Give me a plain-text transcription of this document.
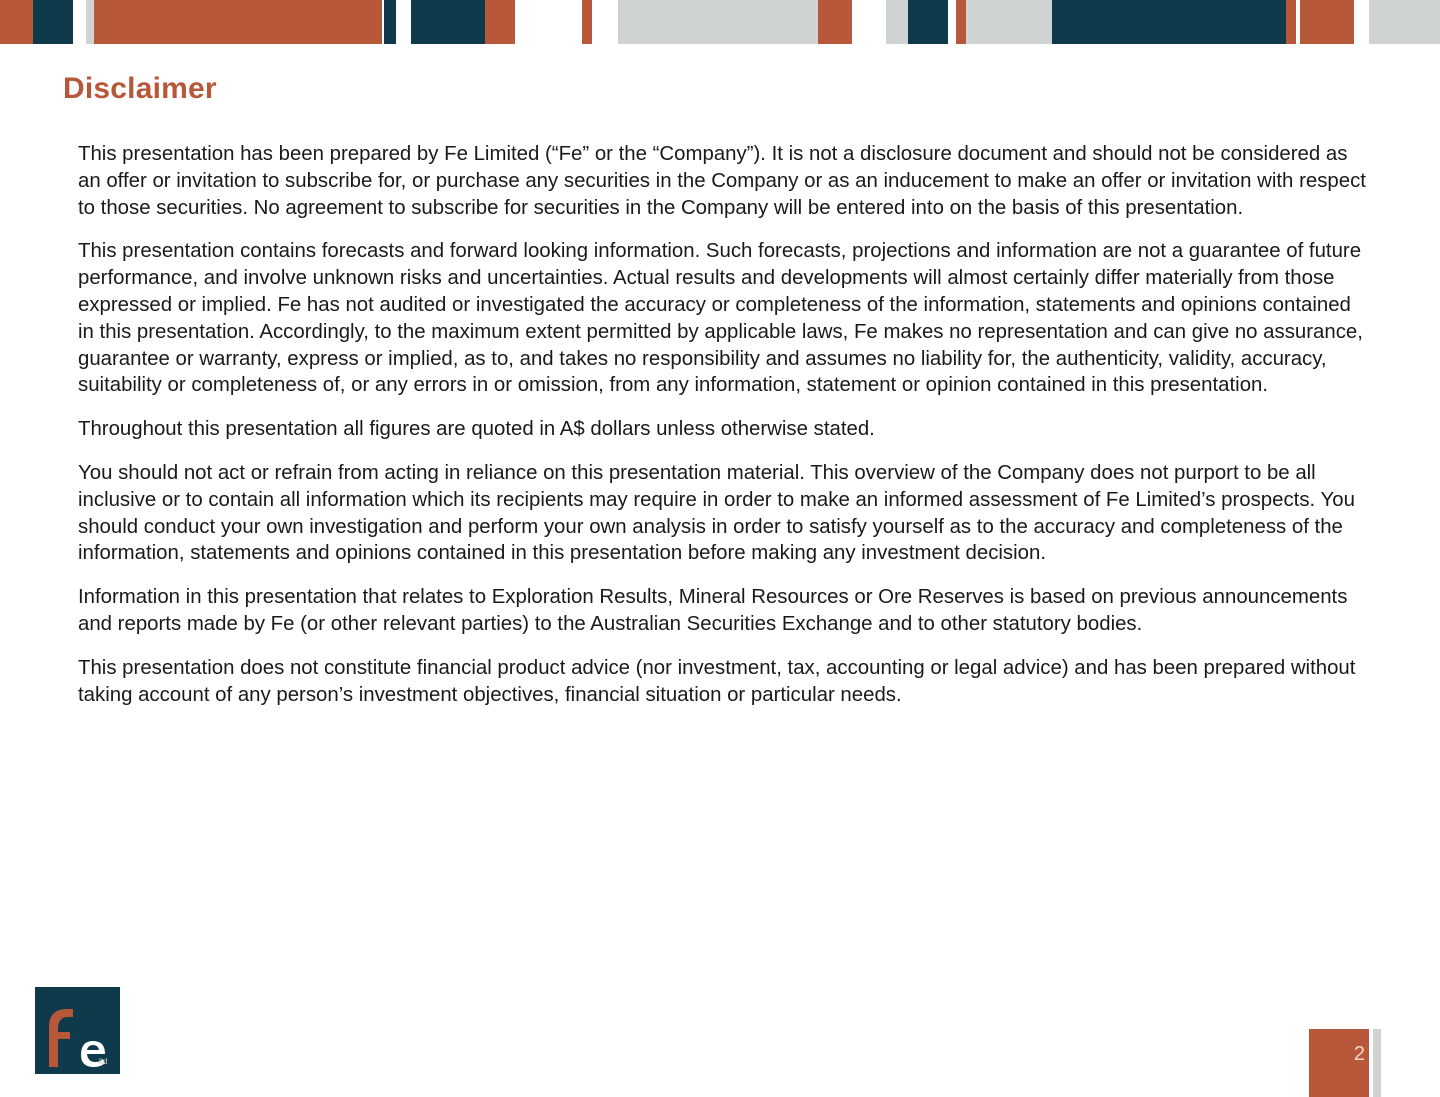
Disclaimer

This presentation has been prepared by Fe Limited (“Fe” or the “Company”). It is not a disclosure document and should not be considered as an offer or invitation to subscribe for, or purchase any securities in the Company or as an inducement to make an offer or invitation with respect to those securities. No agreement to subscribe for securities in the Company will be entered into on the basis of this presentation.

This presentation contains forecasts and forward looking information. Such forecasts, projections and information are not a guarantee of future performance, and involve unknown risks and uncertainties. Actual results and developments will almost certainly differ materially from those expressed or implied. Fe has not audited or investigated the accuracy or completeness of the information, statements and opinions contained in this presentation. Accordingly, to the maximum extent permitted by applicable laws, Fe makes no representation and can give no assurance, guarantee or warranty, express or implied, as to, and takes no responsibility and assumes no liability for, the authenticity, validity, accuracy, suitability or completeness of, or any errors in or omission, from any information, statement or opinion contained in this presentation.

Throughout this presentation all figures are quoted in A$ dollars unless otherwise stated.

You should not act or refrain from acting in reliance on this presentation material. This overview of the Company does not purport to be all inclusive or to contain all information which its recipients may require in order to make an informed assessment of Fe Limited’s prospects. You should conduct your own investigation and perform your own analysis in order to satisfy yourself as to the accuracy and completeness of the information, statements and opinions contained in this presentation before making any investment decision.

Information in this presentation that relates to Exploration Results, Mineral Resources or Ore Reserves is based on previous announcements and reports made by Fe (or other relevant parties) to the Australian Securities Exchange and to other statutory bodies.

This presentation does not constitute financial product advice (nor investment, tax, accounting or legal advice) and has been prepared without taking account of any person’s investment objectives, financial situation or particular needs.

ltd	2
